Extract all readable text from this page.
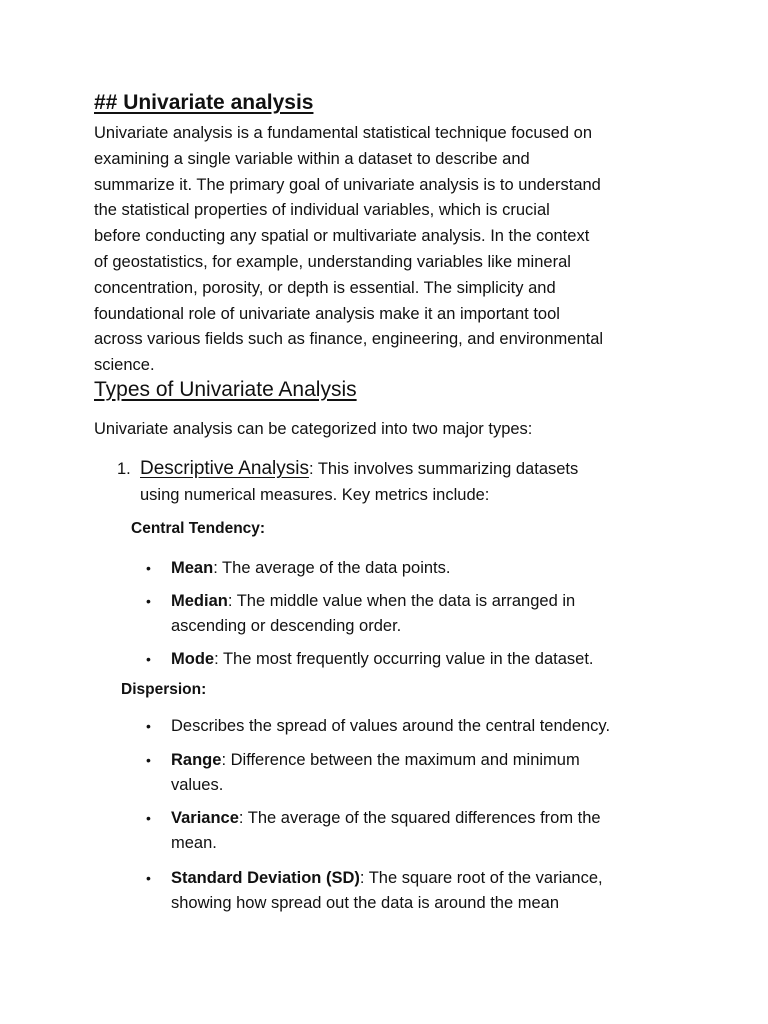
## Univariate analysis

Univariate analysis is a fundamental statistical technique focused on
examining a single variable within a dataset to describe and
summarize it. The primary goal of univariate analysis is to understand
the statistical properties of individual variables, which is crucial
before conducting any spatial or multivariate analysis. In the context
of geostatistics, for example, understanding variables like mineral
concentration, porosity, or depth is essential. The simplicity and
foundational role of univariate analysis make it an important tool
across various fields such as finance, engineering, and environmental
science.

Types of Univariate Analysis
Univariate analysis can be categorized into two major types:
1. Descriptive Analysis: This involves summarizing datasets
using numerical measures. Key metrics include:
Central Tendency:
•	Mean: The average of the data points.
•	Median: The middle value when the data is arranged in
ascending or descending order.
•	Mode: The most frequently occurring value in the dataset.
Dispersion:
•	Describes the spread of values around the central tendency.
•	Range: Difference between the maximum and minimum
values.
•	Variance: The average of the squared differences from the
mean.
•	Standard Deviation (SD): The square root of the variance,
showing how spread out the data is around the mean
